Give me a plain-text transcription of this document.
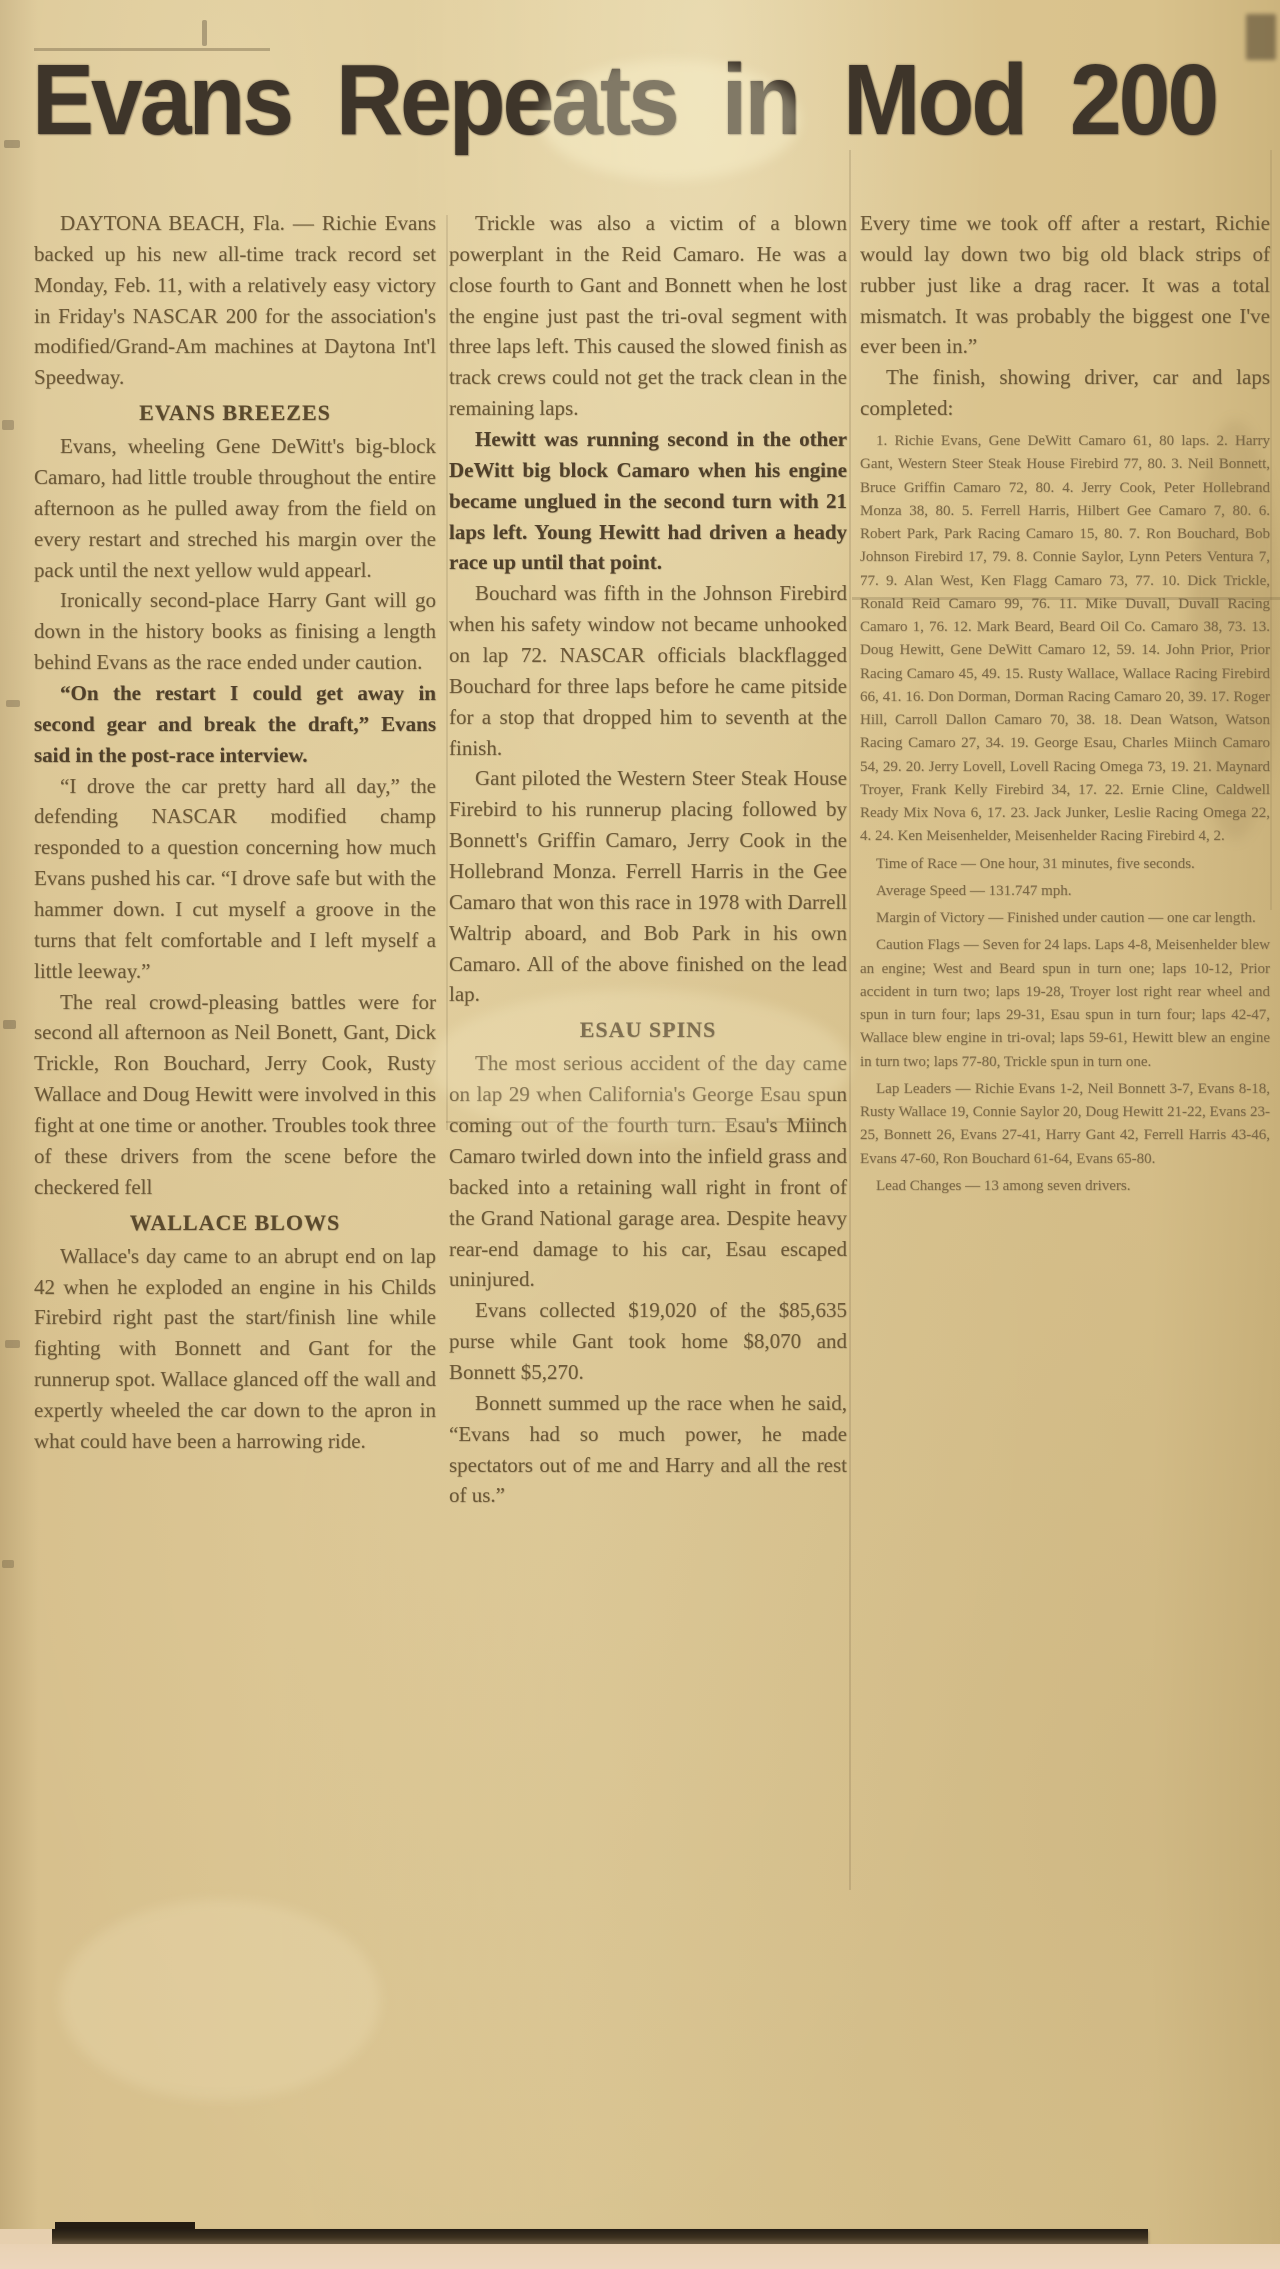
Evans Repeats in Mod 200

DAYTONA BEACH, Fla. — Richie Evans backed up his new all-time track record set Monday, Feb. 11, with a relatively easy victory in Friday's NASCAR 200 for the association's modified/Grand-Am machines at Daytona Int'l Speedway.

EVANS BREEZES

Evans, wheeling Gene DeWitt's big-block Camaro, had little trouble throughout the entire afternoon as he pulled away from the field on every restart and streched his margin over the pack until the next yellow wuld appearl.

Ironically second-place Harry Gant will go down in the history books as finising a length behind Evans as the race ended under caution.

“On the restart I could get away in second gear and break the draft,” Evans said in the post-race interview.

“I drove the car pretty hard all day,” the defending NASCAR modified champ responded to a question concerning how much Evans pushed his car. “I drove safe but with the hammer down. I cut myself a groove in the turns that felt comfortable and I left myself a little leeway.”

The real crowd-pleasing battles were for second all afternoon as Neil Bonett, Gant, Dick Trickle, Ron Bouchard, Jerry Cook, Rusty Wallace and Doug Hewitt were involved in this fight at one time or another. Troubles took three of these drivers from the scene before the checkered fell

WALLACE BLOWS

Wallace's day came to an abrupt end on lap 42 when he exploded an engine in his Childs Firebird right past the start/finish line while fighting with Bonnett and Gant for the runnerup spot. Wallace glanced off the wall and expertly wheeled the car down to the apron in what could have been a harrowing ride.

Trickle was also a victim of a blown powerplant in the Reid Camaro. He was a close fourth to Gant and Bonnett when he lost the engine just past the tri-oval segment with three laps left. This caused the slowed finish as track crews could not get the track clean in the remaining laps.

Hewitt was running second in the other DeWitt big block Camaro when his engine became unglued in the second turn with 21 laps left. Young Hewitt had driven a heady race up until that point.

Bouchard was fifth in the Johnson Firebird when his safety window not became unhooked on lap 72. NASCAR officials blackflagged Bouchard for three laps before he came pitside for a stop that dropped him to seventh at the finish.

Gant piloted the Western Steer Steak House Firebird to his runnerup placing followed by Bonnett's Griffin Camaro, Jerry Cook in the Hollebrand Monza. Ferrell Harris in the Gee Camaro that won this race in 1978 with Darrell Waltrip aboard, and Bob Park in his own Camaro. All of the above finished on the lead lap.

ESAU SPINS

The most serious accident of the day came on lap 29 when California's George Esau spun coming out of the fourth turn. Esau's Miinch Camaro twirled down into the infield grass and backed into a retaining wall right in front of the Grand National garage area. Despite heavy rear-end damage to his car, Esau escaped uninjured.

Evans collected $19,020 of the $85,635 purse while Gant took home $8,070 and Bonnett $5,270.

Bonnett summed up the race when he said, “Evans had so much power, he made spectators out of me and Harry and all the rest of us.”

Every time we took off after a restart, Richie would lay down two big old black strips of rubber just like a drag racer. It was a total mismatch. It was probably the biggest one I've ever been in.”

The finish, showing driver, car and laps completed:

1. Richie Evans, Gene DeWitt Camaro 61, 80 laps. 2. Harry Gant, Western Steer Steak House Firebird 77, 80. 3. Neil Bonnett, Bruce Griffin Camaro 72, 80. 4. Jerry Cook, Peter Hollebrand Monza 38, 80. 5. Ferrell Harris, Hilbert Gee Camaro 7, 80. 6. Robert Park, Park Racing Camaro 15, 80. 7. Ron Bouchard, Bob Johnson Firebird 17, 79. 8. Connie Saylor, Lynn Peters Ventura 7, 77. 9. Alan West, Ken Flagg Camaro 73, 77. 10. Dick Trickle, Ronald Reid Camaro 99, 76. 11. Mike Duvall, Duvall Racing Camaro 1, 76. 12. Mark Beard, Beard Oil Co. Camaro 38, 73. 13. Doug Hewitt, Gene DeWitt Camaro 12, 59. 14. John Prior, Prior Racing Camaro 45, 49. 15. Rusty Wallace, Wallace Racing Firebird 66, 41. 16. Don Dorman, Dorman Racing Camaro 20, 39. 17. Roger Hill, Carroll Dallon Camaro 70, 38. 18. Dean Watson, Watson Racing Camaro 27, 34. 19. George Esau, Charles Miinch Camaro 54, 29. 20. Jerry Lovell, Lovell Racing Omega 73, 19. 21. Maynard Troyer, Frank Kelly Firebird 34, 17. 22. Ernie Cline, Caldwell Ready Mix Nova 6, 17. 23. Jack Junker, Leslie Racing Omega 22, 4. 24. Ken Meisenhelder, Meisenhelder Racing Firebird 4, 2.

Time of Race — One hour, 31 minutes, five seconds.

Average Speed — 131.747 mph.

Margin of Victory — Finished under caution — one car length.

Caution Flags — Seven for 24 laps. Laps 4-8, Meisenhelder blew an engine; West and Beard spun in turn one; laps 10-12, Prior accident in turn two; laps 19-28, Troyer lost right rear wheel and spun in turn four; laps 29-31, Esau spun in turn four; laps 42-47, Wallace blew engine in tri-oval; laps 59-61, Hewitt blew an engine in turn two; laps 77-80, Trickle spun in turn one.

Lap Leaders — Richie Evans 1-2, Neil Bonnett 3-7, Evans 8-18, Rusty Wallace 19, Connie Saylor 20, Doug Hewitt 21-22, Evans 23-25, Bonnett 26, Evans 27-41, Harry Gant 42, Ferrell Harris 43-46, Evans 47-60, Ron Bouchard 61-64, Evans 65-80.

Lead Changes — 13 among seven drivers.
